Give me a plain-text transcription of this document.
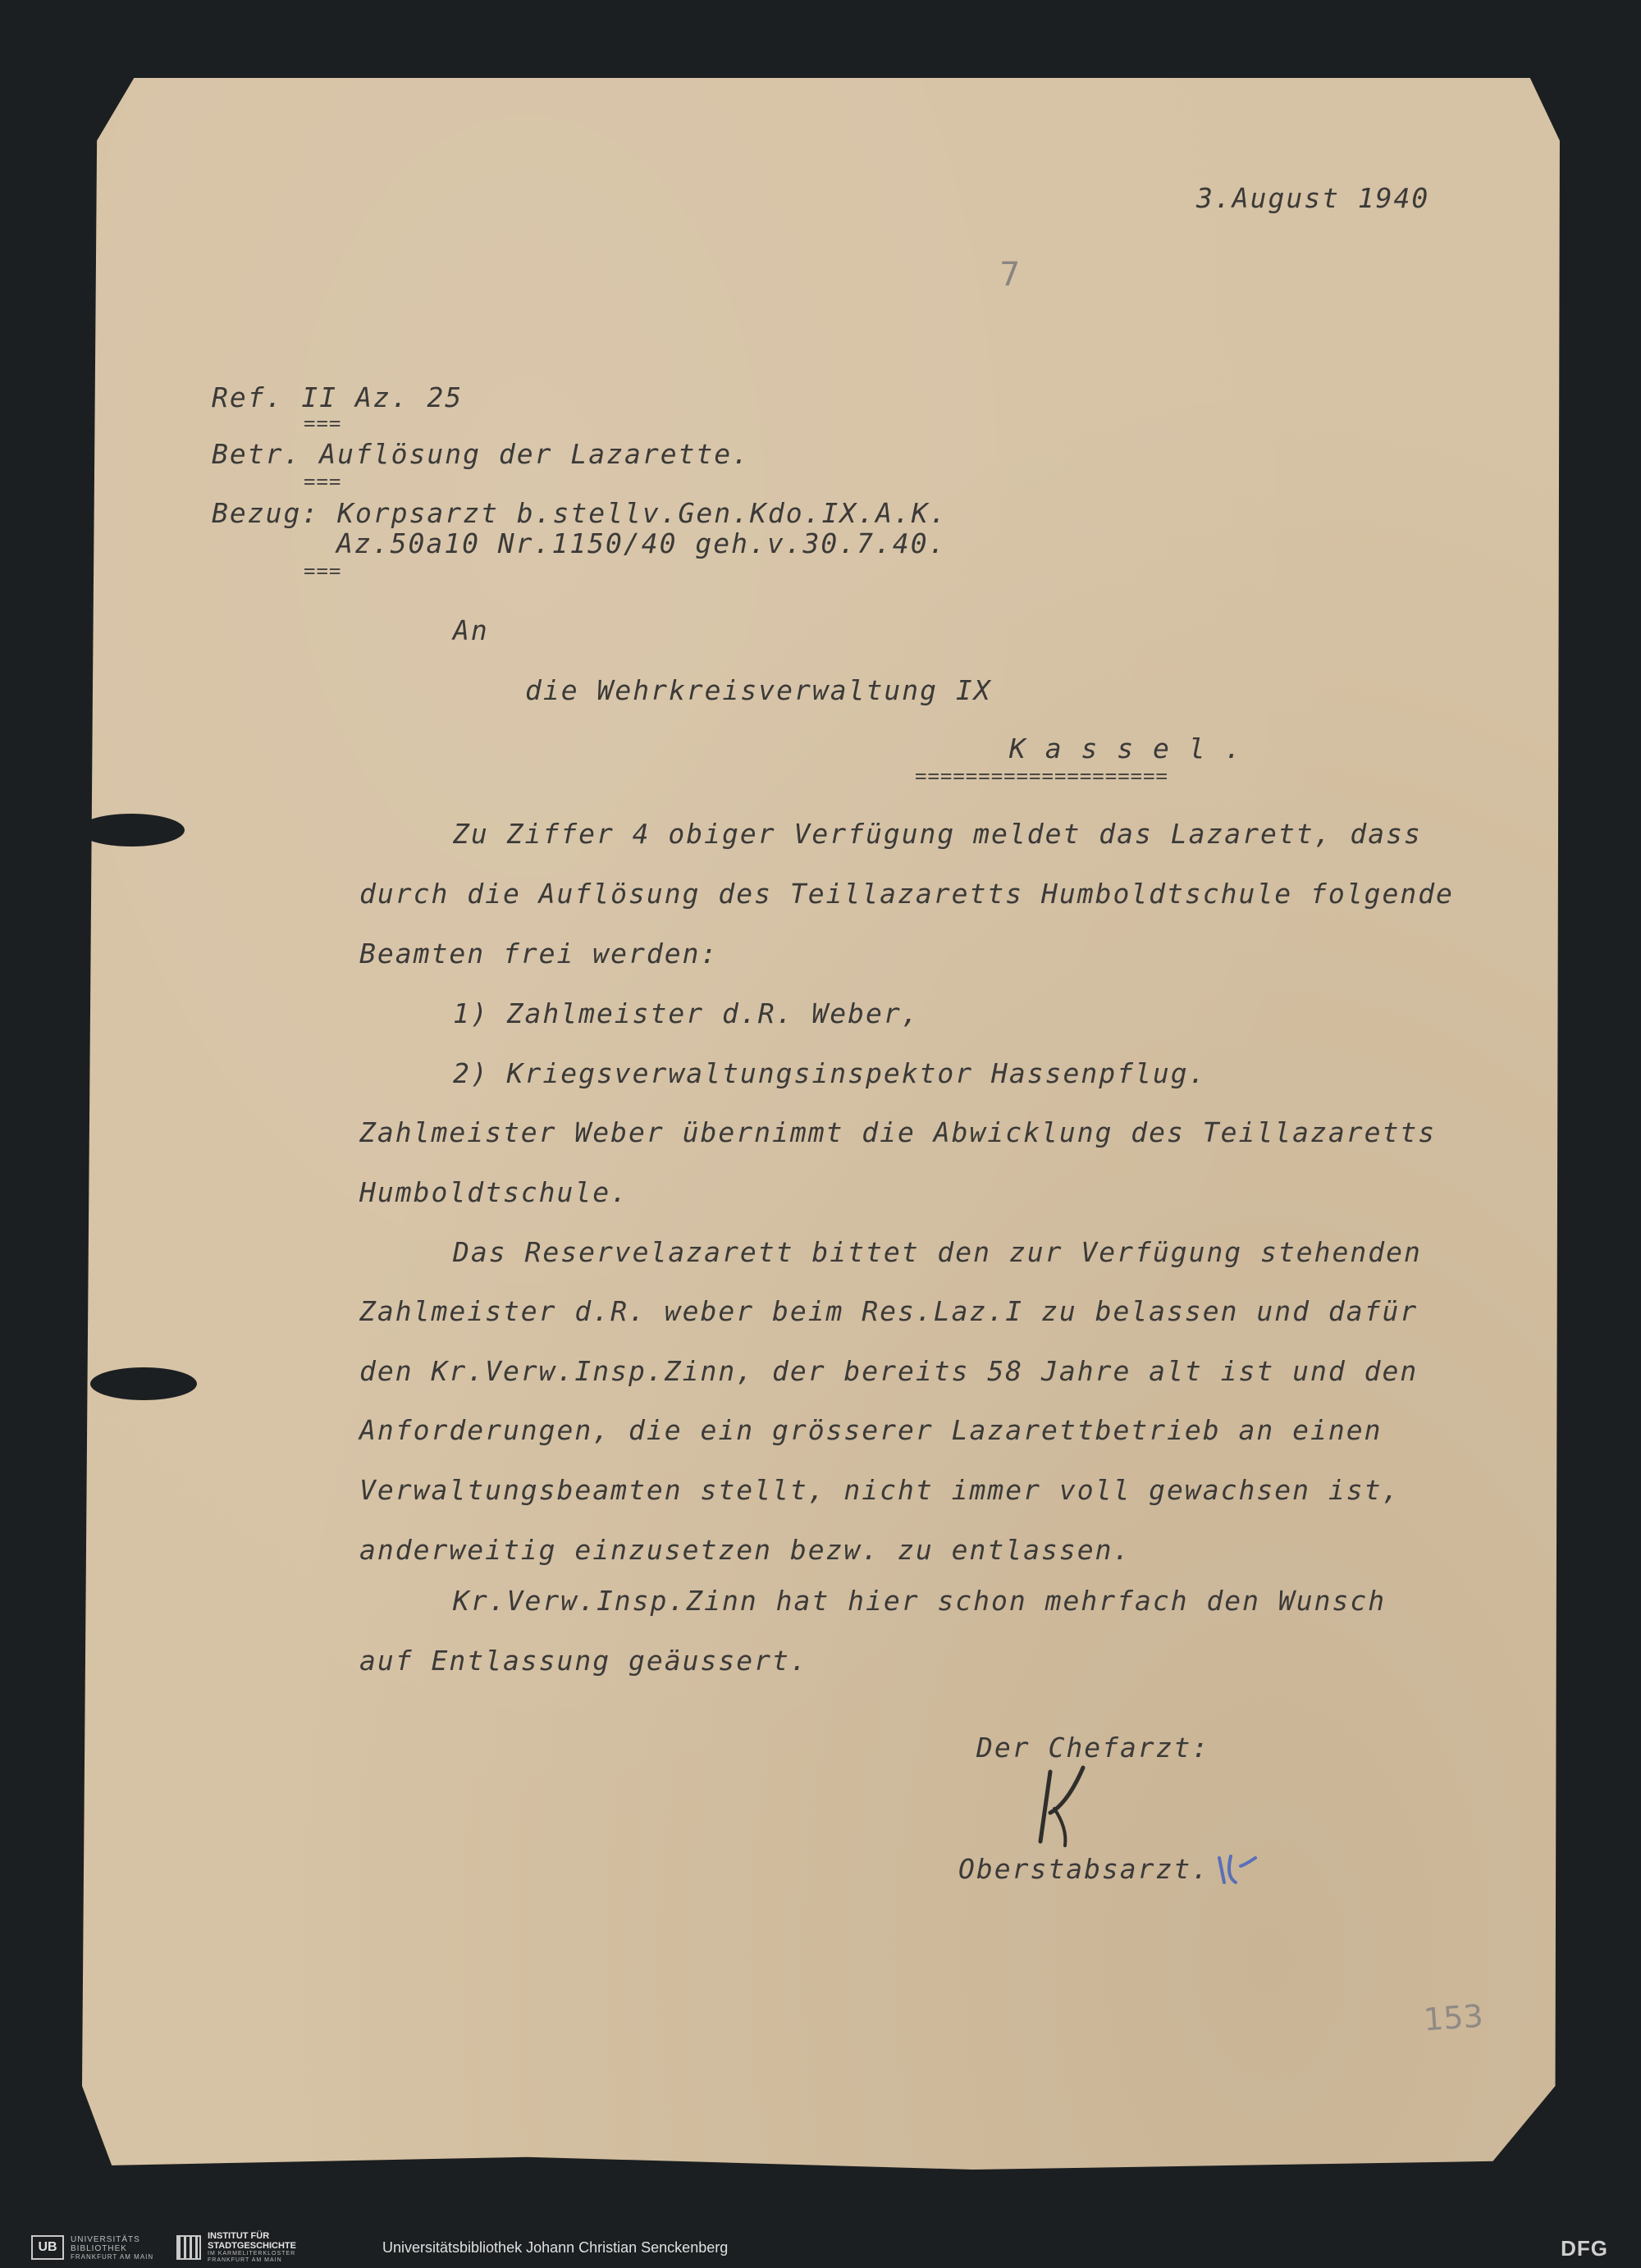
3.August 1940
7
Ref. II Az. 25
===
Betr. Auflösung der Lazarette.
===
Bezug: Korpsarzt b.stellv.Gen.Kdo.IX.A.K.
Az.50a10 Nr.1150/40 geh.v.30.7.40.
===
An
die Wehrkreisverwaltung IX
K a s s e l .
====================
Zu Ziffer 4 obiger Verfügung meldet das Lazarett, dass
durch die Auflösung des Teillazaretts Humboldtschule folgende
Beamten frei werden:
1) Zahlmeister d.R. Weber,
2) Kriegsverwaltungsinspektor Hassenpflug.
Zahlmeister Weber übernimmt die Abwicklung des Teillazaretts
Humboldtschule.
Das Reservelazarett bittet den zur Verfügung stehenden
Zahlmeister d.R. weber beim Res.Laz.I zu belassen und dafür
den Kr.Verw.Insp.Zinn, der bereits 58 Jahre alt ist und den
Anforderungen, die ein grösserer Lazarettbetrieb an einen
Verwaltungsbeamten stellt, nicht immer voll gewachsen ist,
anderweitig einzusetzen bezw. zu entlassen.
Kr.Verw.Insp.Zinn hat hier schon mehrfach den Wunsch
auf Entlassung geäussert.
Der Chefarzt:
Oberstabsarzt.
153
UB
UNIVERSITÄTS
BIBLIOTHEK
FRANKFURT AM MAIN
INSTITUT FÜR
STADTGESCHICHTE
IM KARMELITERKLOSTER
FRANKFURT AM MAIN
Universitätsbibliothek Johann Christian Senckenberg	DFG
